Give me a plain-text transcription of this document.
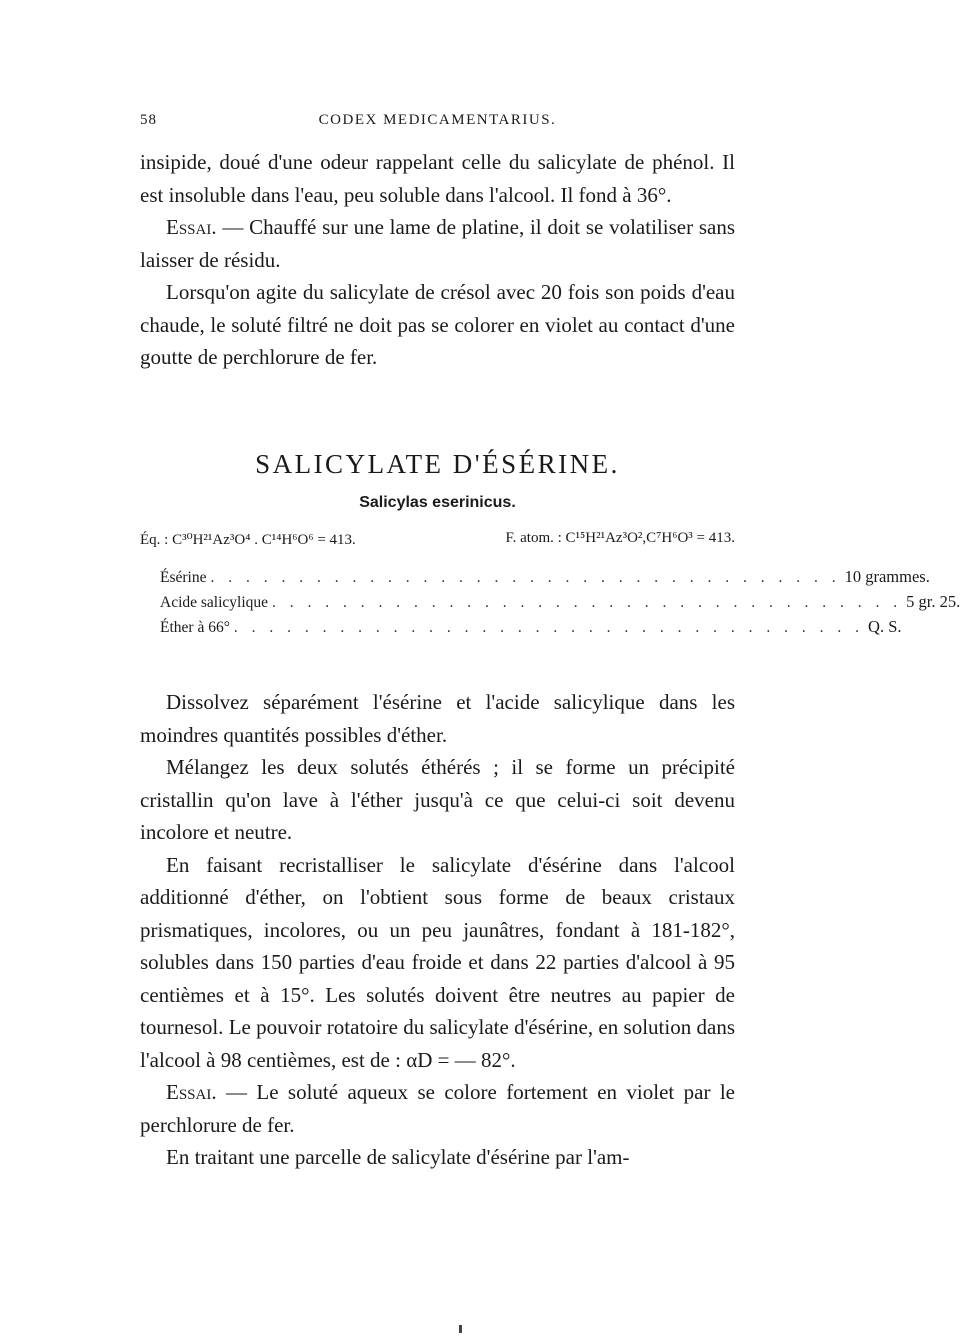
58	CODEX MEDICAMENTARIUS.

insipide, doué d'une odeur rappelant celle du salicylate de phénol. Il est insoluble dans l'eau, peu soluble dans l'alcool. Il fond à 36°.

Essai. — Chauffé sur une lame de platine, il doit se volatiliser sans laisser de résidu.

Lorsqu'on agite du salicylate de crésol avec 20 fois son poids d'eau chaude, le soluté filtré ne doit pas se colorer en violet au contact d'une goutte de perchlorure de fer.

SALICYLATE D'ÉSÉRINE.
Salicylas eserinicus.
Éq. : C³⁰H²¹Az³O⁴ . C¹⁴H⁶O⁶ = 413.	F. atom. : C¹⁵H²¹Az³O²,C⁷H⁶O³ = 413.
Ésérine . . . . . . . . . . . . . . . . . . . . . . . . . . . . . . . . . . . . 10 grammes.
Acide salicylique . . . . . . . . . . . . . . . . . . . . . . . . . . . . . . . . . . . . 5 gr. 25.
Éther à 66° . . . . . . . . . . . . . . . . . . . . . . . . . . . . . . . . . . . . Q. S.

Dissolvez séparément l'ésérine et l'acide salicylique dans les moindres quantités possibles d'éther.

Mélangez les deux solutés éthérés ; il se forme un précipité cristallin qu'on lave à l'éther jusqu'à ce que celui-ci soit devenu incolore et neutre.

En faisant recristalliser le salicylate d'ésérine dans l'alcool additionné d'éther, on l'obtient sous forme de beaux cristaux prismatiques, incolores, ou un peu jaunâtres, fondant à 181-182°, solubles dans 150 parties d'eau froide et dans 22 parties d'alcool à 95 centièmes et à 15°. Les solutés doivent être neutres au papier de tournesol. Le pouvoir rotatoire du salicylate d'ésérine, en solution dans l'alcool à 98 centièmes, est de : αD = — 82°.

Essai. — Le soluté aqueux se colore fortement en violet par le perchlorure de fer.

En traitant une parcelle de salicylate d'ésérine par l'am-
